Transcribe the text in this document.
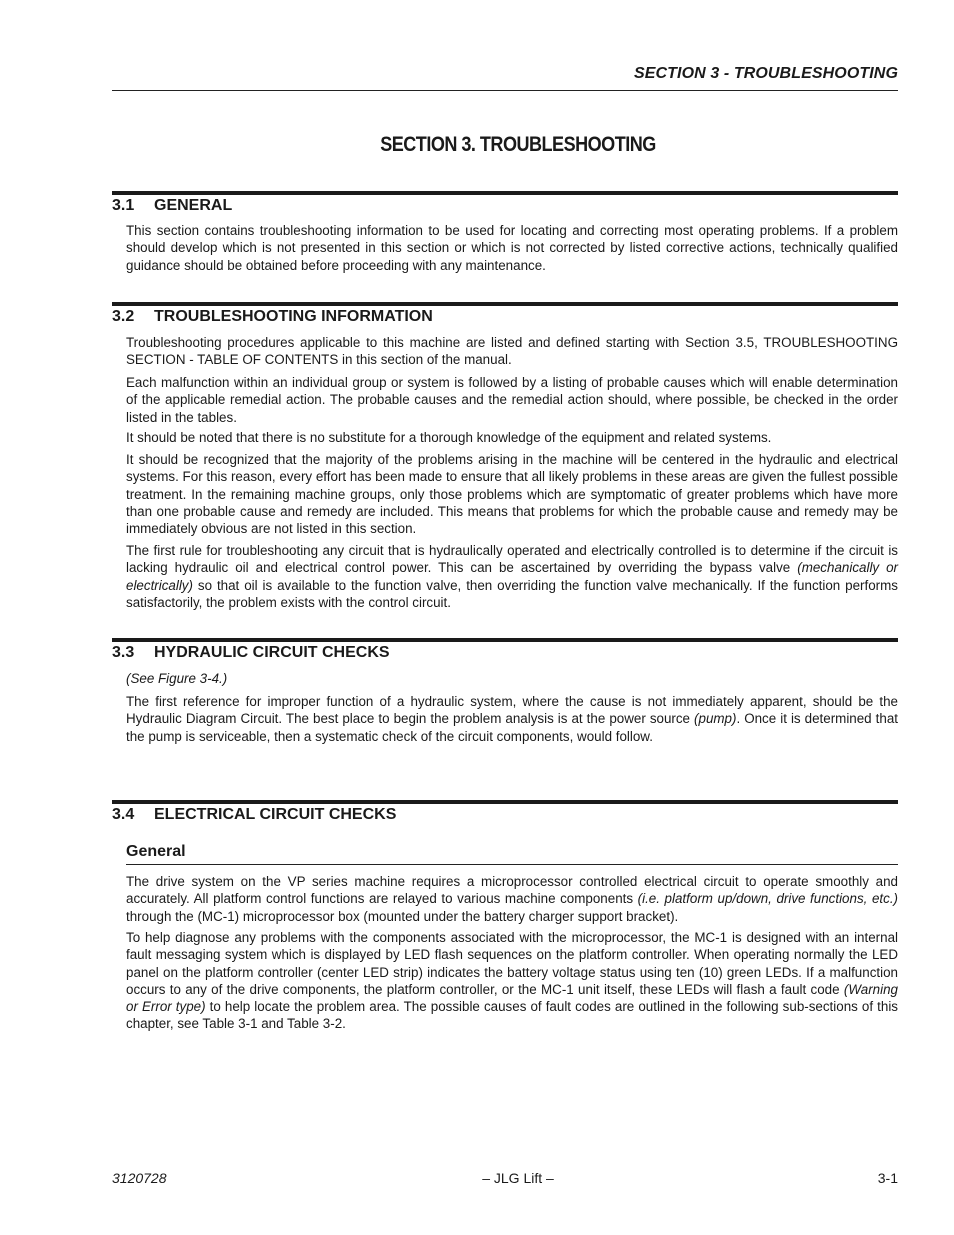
SECTION 3 - TROUBLESHOOTING
SECTION 3. TROUBLESHOOTING
3.1 GENERAL

This section contains troubleshooting information to be used for locating and correcting most operating problems. If a problem should develop which is not presented in this section or which is not corrected by listed corrective actions, technically qualified guidance should be obtained before proceeding with any maintenance.

3.2 TROUBLESHOOTING INFORMATION

Troubleshooting procedures applicable to this machine are listed and defined starting with Section 3.5, TROUBLESHOOTING SECTION - TABLE OF CONTENTS in this section of the manual.

Each malfunction within an individual group or system is followed by a listing of probable causes which will enable determination of the applicable remedial action. The probable causes and the remedial action should, where possible, be checked in the order listed in the tables.

It should be noted that there is no substitute for a thorough knowledge of the equipment and related systems.

It should be recognized that the majority of the problems arising in the machine will be centered in the hydraulic and electrical systems. For this reason, every effort has been made to ensure that all likely problems in these areas are given the fullest possible treatment. In the remaining machine groups, only those problems which are symptomatic of greater problems which have more than one probable cause and remedy are included. This means that problems for which the probable cause and remedy may be immediately obvious are not listed in this section.

The first rule for troubleshooting any circuit that is hydraulically operated and electrically controlled is to determine if the circuit is lacking hydraulic oil and electrical control power. This can be ascertained by overriding the bypass valve (mechanically or electrically) so that oil is available to the function valve, then overriding the function valve mechanically. If the function performs satisfactorily, the problem exists with the control circuit.

3.3 HYDRAULIC CIRCUIT CHECKS

(See Figure 3-4.)

The first reference for improper function of a hydraulic system, where the cause is not immediately apparent, should be the Hydraulic Diagram Circuit. The best place to begin the problem analysis is at the power source (pump). Once it is determined that the pump is serviceable, then a systematic check of the circuit components, would follow.

3.4 ELECTRICAL CIRCUIT CHECKS
General

The drive system on the VP series machine requires a microprocessor controlled electrical circuit to operate smoothly and accurately. All platform control functions are relayed to various machine components (i.e. platform up/down, drive functions, etc.) through the (MC-1) microprocessor box (mounted under the battery charger support bracket).

To help diagnose any problems with the components associated with the microprocessor, the MC-1 is designed with an internal fault messaging system which is displayed by LED flash sequences on the platform controller. When operating normally the LED panel on the platform controller (center LED strip) indicates the battery voltage status using ten (10) green LEDs. If a malfunction occurs to any of the drive components, the platform controller, or the MC-1 unit itself, these LEDs will flash a fault code (Warning or Error type) to help locate the problem area. The possible causes of fault codes are outlined in the following sub-sections of this chapter, see Table 3-1 and Table 3-2.

3120728	– JLG Lift –	3-1
